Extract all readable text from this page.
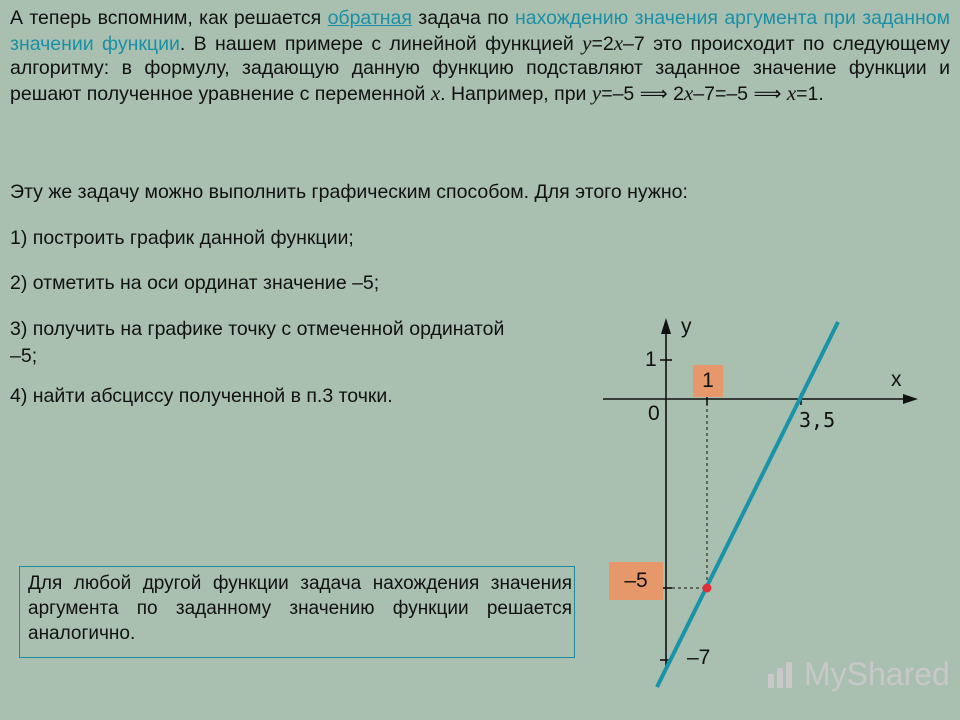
А теперь вспомним, как решается обратная задача по нахождению значения аргумента при заданном значении функции. В нашем примере с линейной функцией y=2x–7 это происходит по следующему алгоритму: в формулу, задающую данную функцию подставляют заданное значение функции и решают полученное уравнение с переменной x. Например, при y=–5 ⟹ 2x–7=–5 ⟹ x=1.

Эту же задачу можно выполнить графическим способом. Для этого нужно:

1) построить график данной функции;

2) отметить на оси ординат значение –5;

3) получить на графике точку с отмеченной ординатой –5;

4) найти абсциссу полученной в п.3 точки.

y
x
1
0	3,5
–7
1
–5
Для любой другой функции задача нахождения значения аргумента по заданному значению функции решается аналогично.
MyShared
